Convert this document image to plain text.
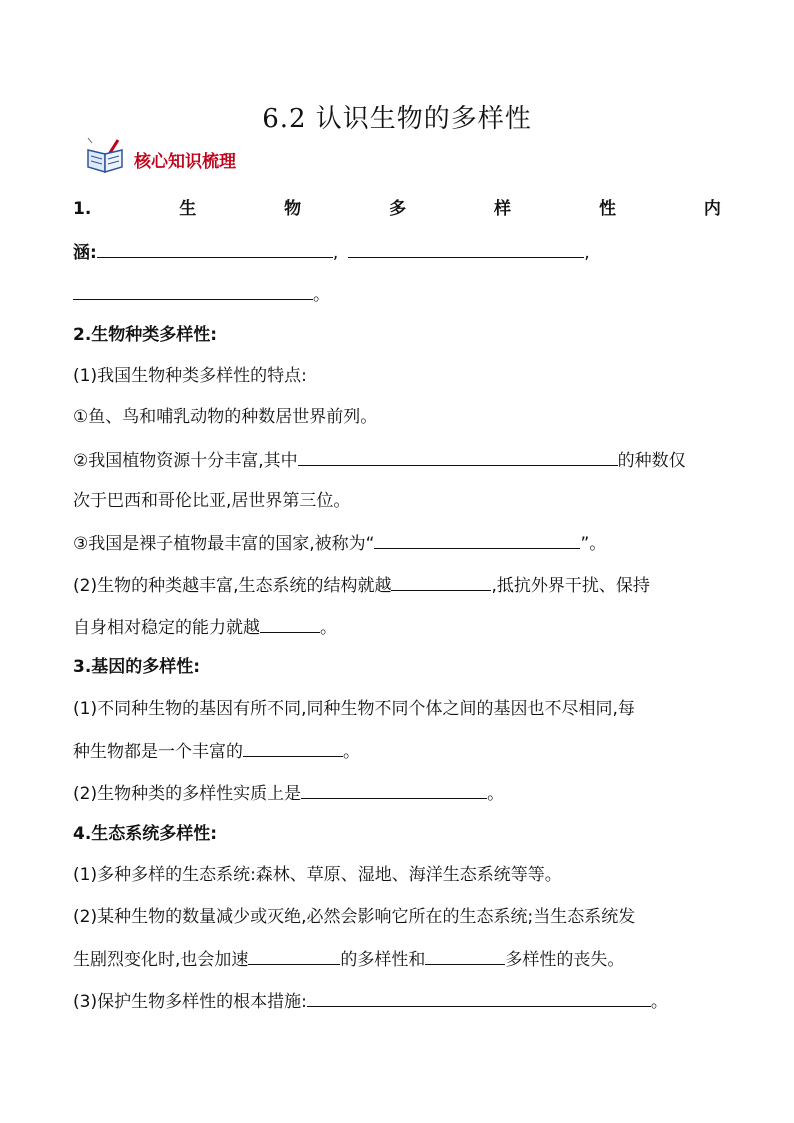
6.2 认识生物的多样性
核心知识梳理
1.	生	物	多	样	性	内
涵:	,	,
。
2.生物种类多样性:
(1)我国生物种类多样性的特点:
①鱼、鸟和哺乳动物的种数居世界前列。
②我国植物资源十分丰富,其中	的种数仅
次于巴西和哥伦比亚,居世界第三位。
③我国是裸子植物最丰富的国家,被称为“	”。
(2)生物的种类越丰富,生态系统的结构就越	,抵抗外界干扰、保持
自身相对稳定的能力就越	。
3.基因的多样性:
(1)不同种生物的基因有所不同,同种生物不同个体之间的基因也不尽相同,每
种生物都是一个丰富的	。
(2)生物种类的多样性实质上是	。
4.生态系统多样性:
(1)多种多样的生态系统:森林、草原、湿地、海洋生态系统等等。
(2)某种生物的数量减少或灭绝,必然会影响它所在的生态系统;当生态系统发
生剧烈变化时,也会加速	的多样性和	多样性的丧失。
(3)保护生物多样性的根本措施:	。
